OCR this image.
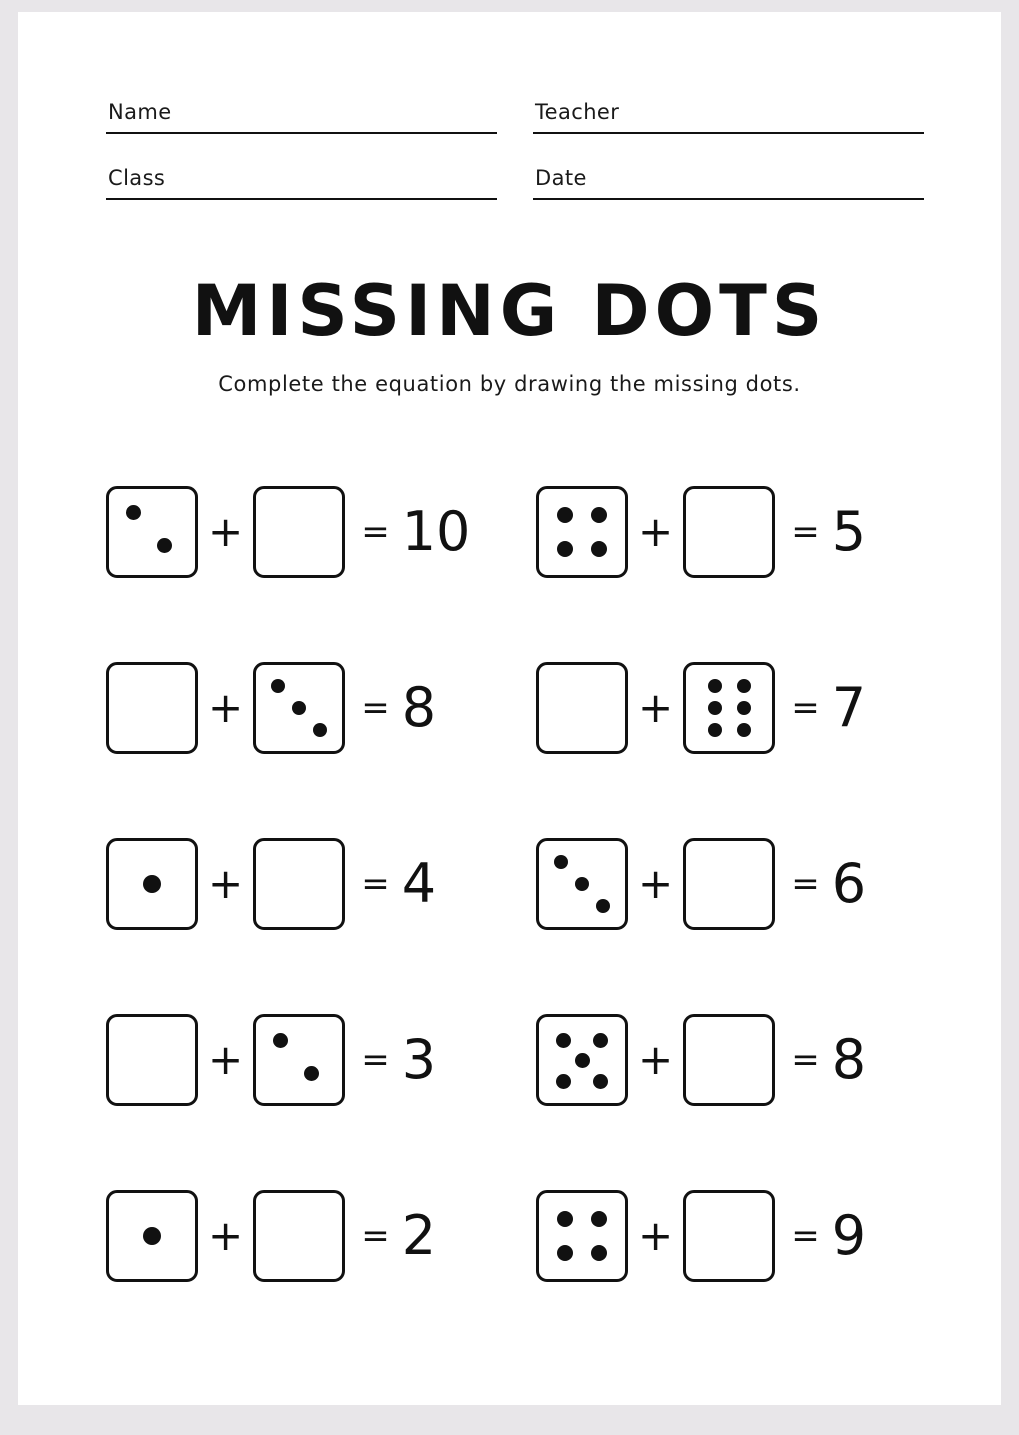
Name	Teacher
Class	Date
MISSING DOTS
Complete the equation by drawing the missing dots.
+	= 10	+	= 5
+	= 8	+	= 7
+	= 4	+	= 6
+	= 3	+	= 8
+	= 2	+	= 9
